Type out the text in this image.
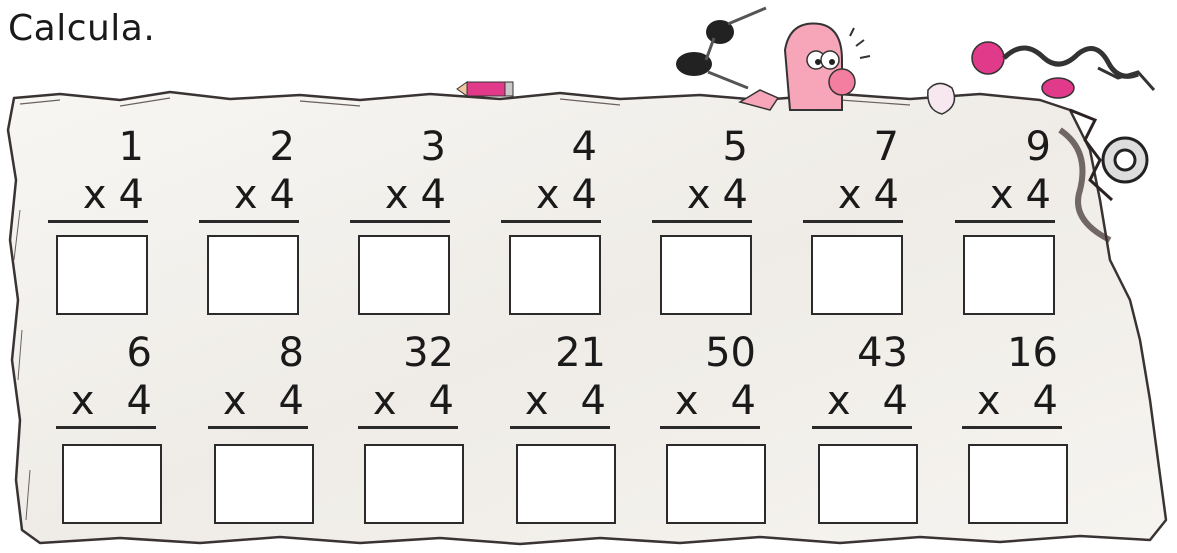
Calcula.
1
x 4
2
x 4
3
x 4
4
x 4
5
x 4
7
x 4
9
x 4
6
x 4
8
x 4
32
x 4
21
x 4
50
x 4
43
x 4
16
x 4
